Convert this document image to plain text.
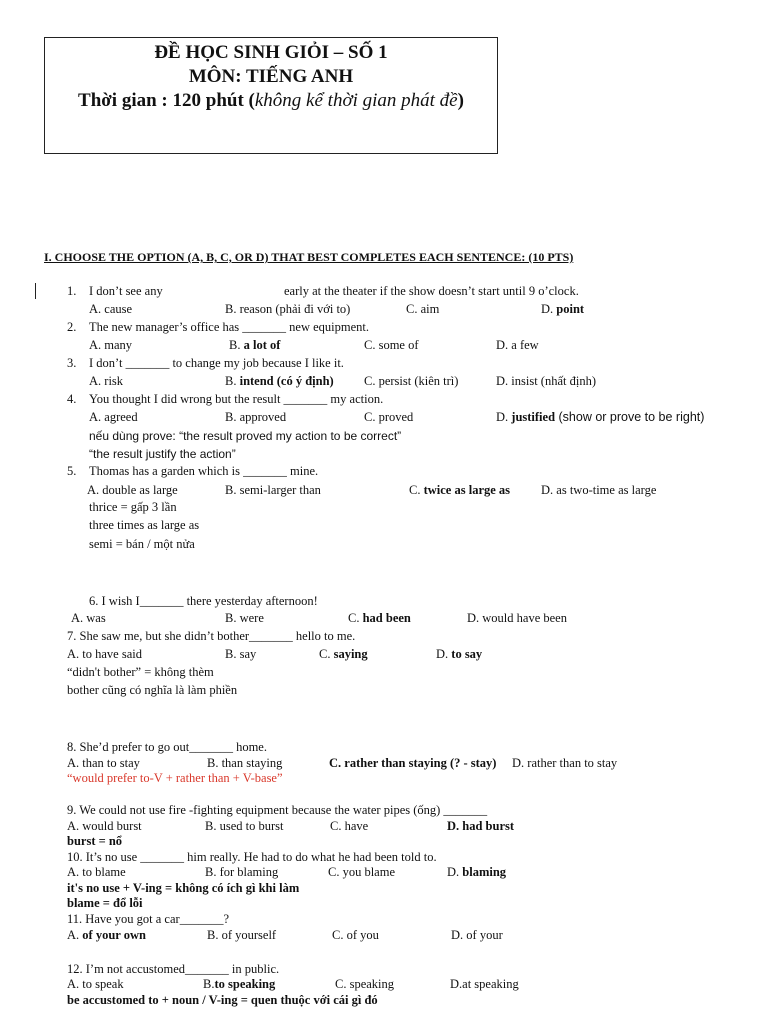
ĐỀ HỌC SINH GIỎI – SỐ 1
MÔN: TIẾNG ANH
Thời gian : 120 phút (không kể thời gian phát đề)
I. CHOOSE THE OPTION (A, B, C, OR D) THAT BEST COMPLETES EACH SENTENCE: (10 PTS)
1. I don’t see any	early at the theater if the show doesn’t start until 9 o’clock.
A. cause	B. reason (phải đi với to)	C. aim	D. point
2. The new manager’s office has _______ new equipment.
A. many	B. a lot of	C. some of	D. a few
3. I don’t _______ to change my job because I like it.
A. risk	B. intend (có ý định) C. persist (kiên trì)	D. insist (nhất định)
4. You thought I did wrong but the result _______ my action.
A. agreed	B. approved	C. proved	D. justified (show or prove to be right)
nếu dùng prove: “the result proved my action to be correct”
“the result justify the action”
5. Thomas has a garden which is _______ mine.
A. double as large	B. semi-larger than	C. twice as large as D. as two-time as large
thrice = gấp 3 lần
three times as large as
semi = bán / một nửa
6. I wish I_______ there yesterday afternoon!
A. was	B. were	C. had been	D. would have been
7. She saw me, but she didn’t bother_______ hello to me.
A. to have said	B. say	C. saying	D. to say
“didn't bother” = không thèm
bother cũng có nghĩa là làm phiền
8. She’d prefer to go out_______ home.
A. than to stay	B. than staying	C. rather than staying (? - stay) D. rather than to stay
“would prefer to-V + rather than + V-base”
9. We could not use fire -fighting equipment because the water pipes (ống) _______
A. would burst	B. used to burst	C. have	D. had burst
burst = nổ
10. It’s no use _______ him really. He had to do what he had been told to.
A. to blame	B. for blaming	C. you blame	D. blaming
it's no use + V-ing = không có ích gì khi làm
blame = đổ lỗi
11. Have you got a car_______?
A. of your own	B. of yourself	C. of you	D. of your
12. I’m not accustomed_______ in public.
A. to speak	B.to speaking	C. speaking	D.at speaking
be accustomed to + noun / V-ing = quen thuộc với cái gì đó
